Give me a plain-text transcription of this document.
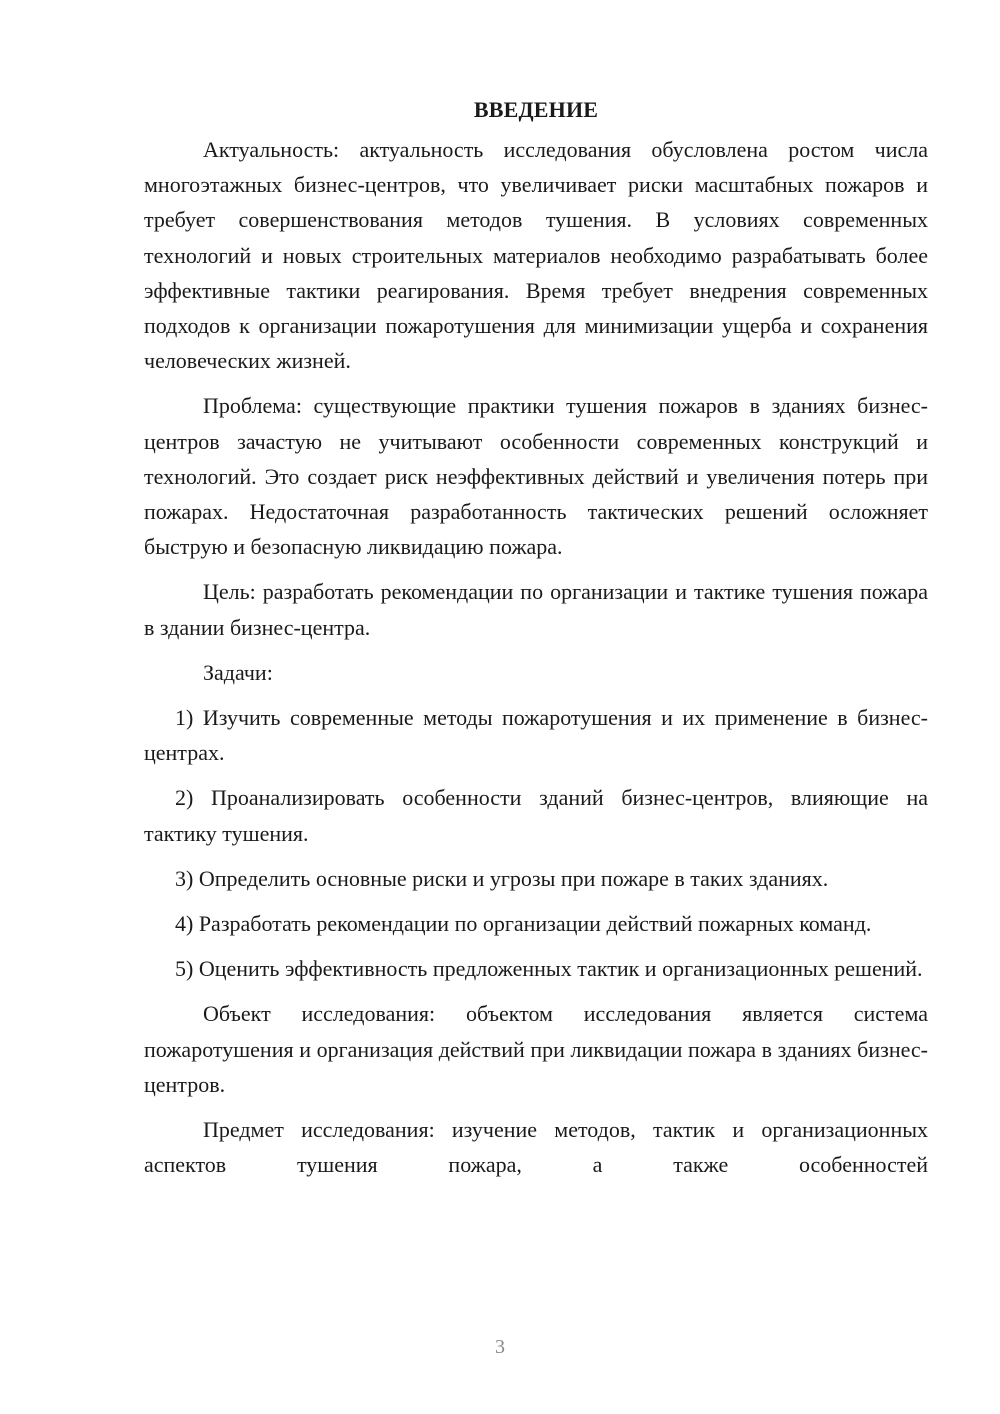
ВВЕДЕНИЕ

Актуальность: актуальность исследования обусловлена ростом числа многоэтажных бизнес-центров, что увеличивает риски масштабных пожаров и требует совершенствования методов тушения. В условиях современных технологий и новых строительных материалов необходимо разрабатывать более эффективные тактики реагирования. Время требует внедрения современных подходов к организации пожаротушения для минимизации ущерба и сохранения человеческих жизней.

Проблема: существующие практики тушения пожаров в зданиях бизнес-центров зачастую не учитывают особенности современных конструкций и технологий. Это создает риск неэффективных действий и увеличения потерь при пожарах. Недостаточная разработанность тактических решений осложняет быструю и безопасную ликвидацию пожара.

Цель: разработать рекомендации по организации и тактике тушения пожара в здании бизнес-центра.

Задачи:

1) Изучить современные методы пожаротушения и их применение в бизнес-центрах.

2) Проанализировать особенности зданий бизнес-центров, влияющие на тактику тушения.

3) Определить основные риски и угрозы при пожаре в таких зданиях.

4) Разработать рекомендации по организации действий пожарных команд.

5) Оценить эффективность предложенных тактик и организационных решений.

Объект исследования: объектом исследования является система пожаротушения и организация действий при ликвидации пожара в зданиях бизнес-центров.

Предмет исследования: изучение методов, тактик и организационных аспектов тушения пожара, а также особенностей

3
